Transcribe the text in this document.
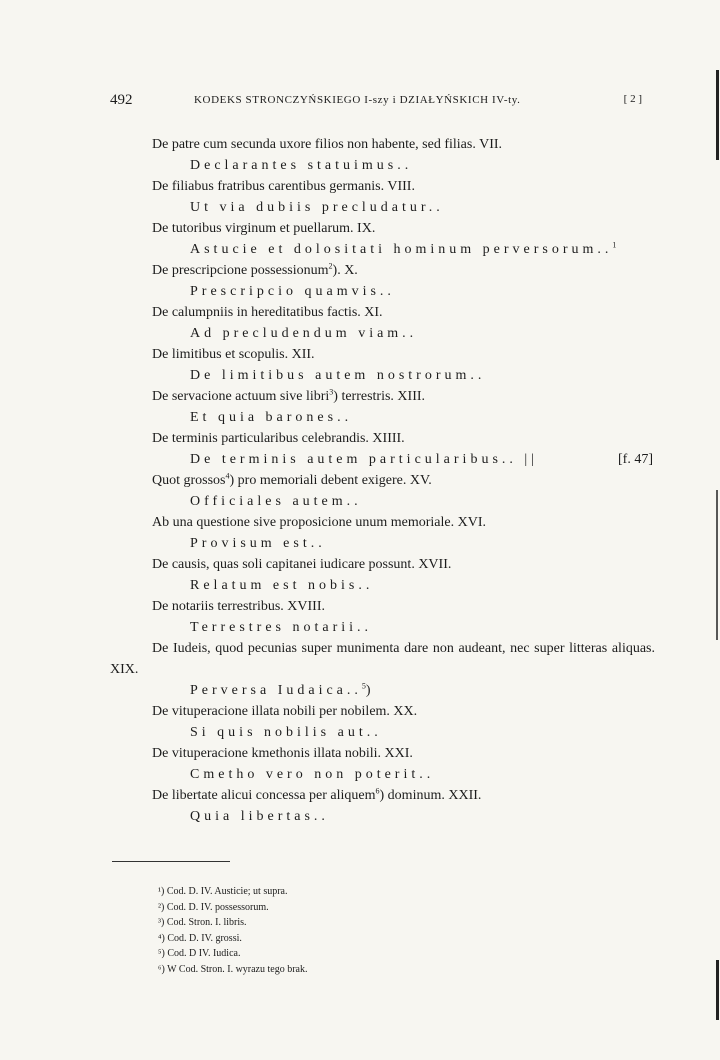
492	KODEKS STRONCZYŃSKIEGO I-szy i DZIAŁYŃSKICH IV-ty.	[ 2 ]
De patre cum secunda uxore filios non habente, sed filias. VII.
Declarantes statuimus..
De filiabus fratribus carentibus germanis. VIII.
Ut via dubiis precludatur..
De tutoribus virginum et puellarum. IX.
Astucie et dolositati hominum perversorum..$^1$
De prescripcione possessionum$^2$). X.
Prescripcio quamvis..
De calumpniis in hereditatibus factis. XI.
Ad precludendum viam..
De limitibus et scopulis. XII.
De limitibus autem nostrorum..
De servacione actuum sive libri$^3$) terrestris. XIII.
Et quia barones..
De terminis particularibus celebrandis. XIIII.
De terminis autem particularibus.. ||	[f. 47]
Quot grossos$^4$) pro memoriali debent exigere. XV.
Officiales autem..
Ab una questione sive proposicione unum memoriale. XVI.
Provisum est..
De causis, quas soli capitanei iudicare possunt. XVII.
Relatum est nobis..
De notariis terrestribus. XVIII.
Terrestres notarii..
De Iudeis, quod pecunias super munimenta dare non audeant, nec super litteras aliquas. XIX.
Perversa Iudaica..$^5$)
De vituperacione illata nobili per nobilem. XX.
Si quis nobilis aut..
De vituperacione kmethonis illata nobili. XXI.
Cmetho vero non poterit..
De libertate alicui concessa per aliquem$^6$) dominum. XXII.
Quia libertas..
¹) Cod. D. IV. Austicie; ut supra.
²) Cod. D. IV. possessorum.
³) Cod. Stron. I. libris.
⁴) Cod. D. IV. grossi.
⁵) Cod. D IV. Iudica.
⁶) W Cod. Stron. I. wyrazu tego brak.
